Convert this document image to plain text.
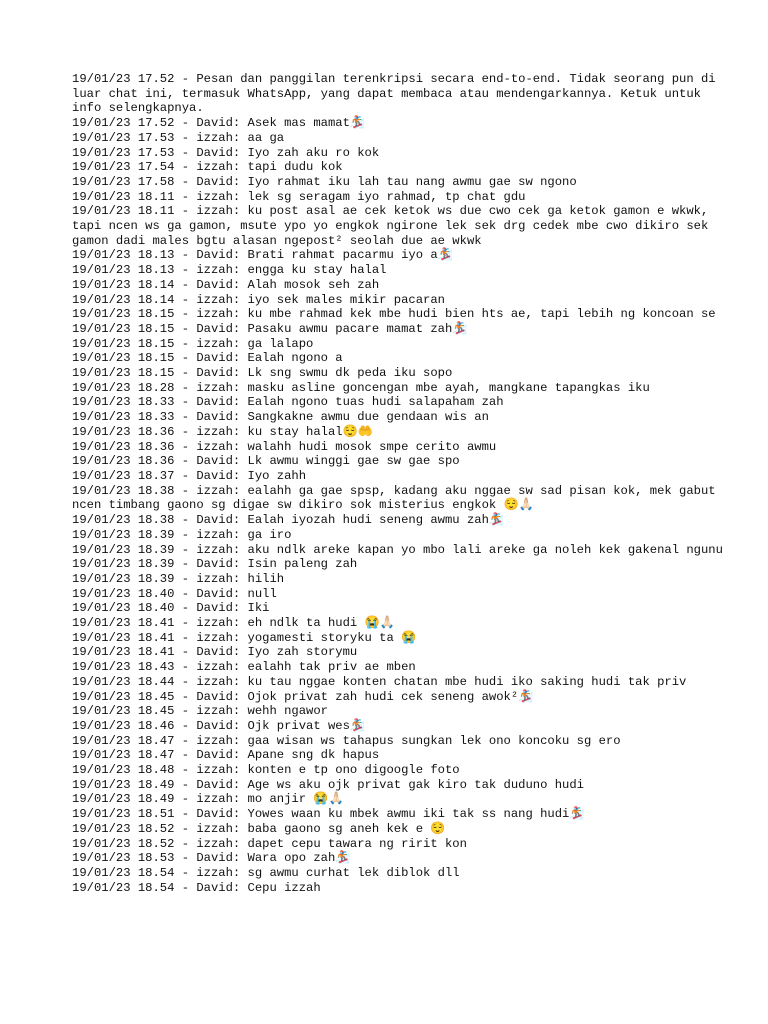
19/01/23 17.52 - Pesan dan panggilan terenkripsi secara end-to-end. Tidak seorang pun di luar chat ini, termasuk WhatsApp, yang dapat membaca atau mendengarkannya. Ketuk untuk info selengkapnya.

19/01/23 17.52 - David: Asek mas mamat🏂

19/01/23 17.53 - izzah: aa ga

19/01/23 17.53 - David: Iyo zah aku ro kok

19/01/23 17.54 - izzah: tapi dudu kok

19/01/23 17.58 - David: Iyo rahmat iku lah tau nang awmu gae sw ngono

19/01/23 18.11 - izzah: lek sg seragam iyo rahmad, tp chat gdu

19/01/23 18.11 - izzah: ku post asal ae cek ketok ws due cwo cek ga ketok gamon e wkwk, tapi ncen ws ga gamon, msute ypo yo engkok ngirone lek sek drg cedek mbe cwo dikiro sek gamon dadi males bgtu alasan ngepost² seolah due ae wkwk

19/01/23 18.13 - David: Brati rahmat pacarmu iyo a🏂

19/01/23 18.13 - izzah: engga ku stay halal

19/01/23 18.14 - David: Alah mosok seh zah

19/01/23 18.14 - izzah: iyo sek males mikir pacaran

19/01/23 18.15 - izzah: ku mbe rahmad kek mbe hudi bien hts ae, tapi lebih ng koncoan se

19/01/23 18.15 - David: Pasaku awmu pacare mamat zah🏂

19/01/23 18.15 - izzah: ga lalapo

19/01/23 18.15 - David: Ealah ngono a

19/01/23 18.15 - David: Lk sng swmu dk peda iku sopo

19/01/23 18.28 - izzah: masku asline goncengan mbe ayah, mangkane tapangkas iku

19/01/23 18.33 - David: Ealah ngono tuas hudi salapaham zah

19/01/23 18.33 - David: Sangkakne awmu due gendaan wis an

19/01/23 18.36 - izzah: ku stay halal😌🤲

19/01/23 18.36 - izzah: walahh hudi mosok smpe cerito awmu

19/01/23 18.36 - David: Lk awmu winggi gae sw gae spo

19/01/23 18.37 - David: Iyo zahh

19/01/23 18.38 - izzah: ealahh ga gae spsp, kadang aku nggae sw sad pisan kok, mek gabut ncen timbang gaono sg digae sw dikiro sok misterius engkok 😌🙏🏻

19/01/23 18.38 - David: Ealah iyozah hudi seneng awmu zah🏂

19/01/23 18.39 - izzah: ga iro

19/01/23 18.39 - izzah: aku ndlk areke kapan yo mbo lali areke ga noleh kek gakenal ngunu

19/01/23 18.39 - David: Isin paleng zah

19/01/23 18.39 - izzah: hilih

19/01/23 18.40 - David: null

19/01/23 18.40 - David: Iki

19/01/23 18.41 - izzah: eh ndlk ta hudi 😭🙏🏻

19/01/23 18.41 - izzah: yogamesti storyku ta 😭

19/01/23 18.41 - David: Iyo zah storymu

19/01/23 18.43 - izzah: ealahh tak priv ae mben

19/01/23 18.44 - izzah: ku tau nggae konten chatan mbe hudi iko saking hudi tak priv

19/01/23 18.45 - David: Ojok privat zah hudi cek seneng awok²🏂

19/01/23 18.45 - izzah: wehh ngawor

19/01/23 18.46 - David: Ojk privat wes🏂

19/01/23 18.47 - izzah: gaa wisan ws tahapus sungkan lek ono koncoku sg ero

19/01/23 18.47 - David: Apane sng dk hapus

19/01/23 18.48 - izzah: konten e tp ono digoogle foto

19/01/23 18.49 - David: Age ws aku ojk privat gak kiro tak duduno hudi

19/01/23 18.49 - izzah: mo anjir 😭🙏🏻

19/01/23 18.51 - David: Yowes waan ku mbek awmu iki tak ss nang hudi🏂

19/01/23 18.52 - izzah: baba gaono sg aneh kek e 😌

19/01/23 18.52 - izzah: dapet cepu tawara ng ririt kon

19/01/23 18.53 - David: Wara opo zah🏂

19/01/23 18.54 - izzah: sg awmu curhat lek diblok dll

19/01/23 18.54 - David: Cepu izzah
